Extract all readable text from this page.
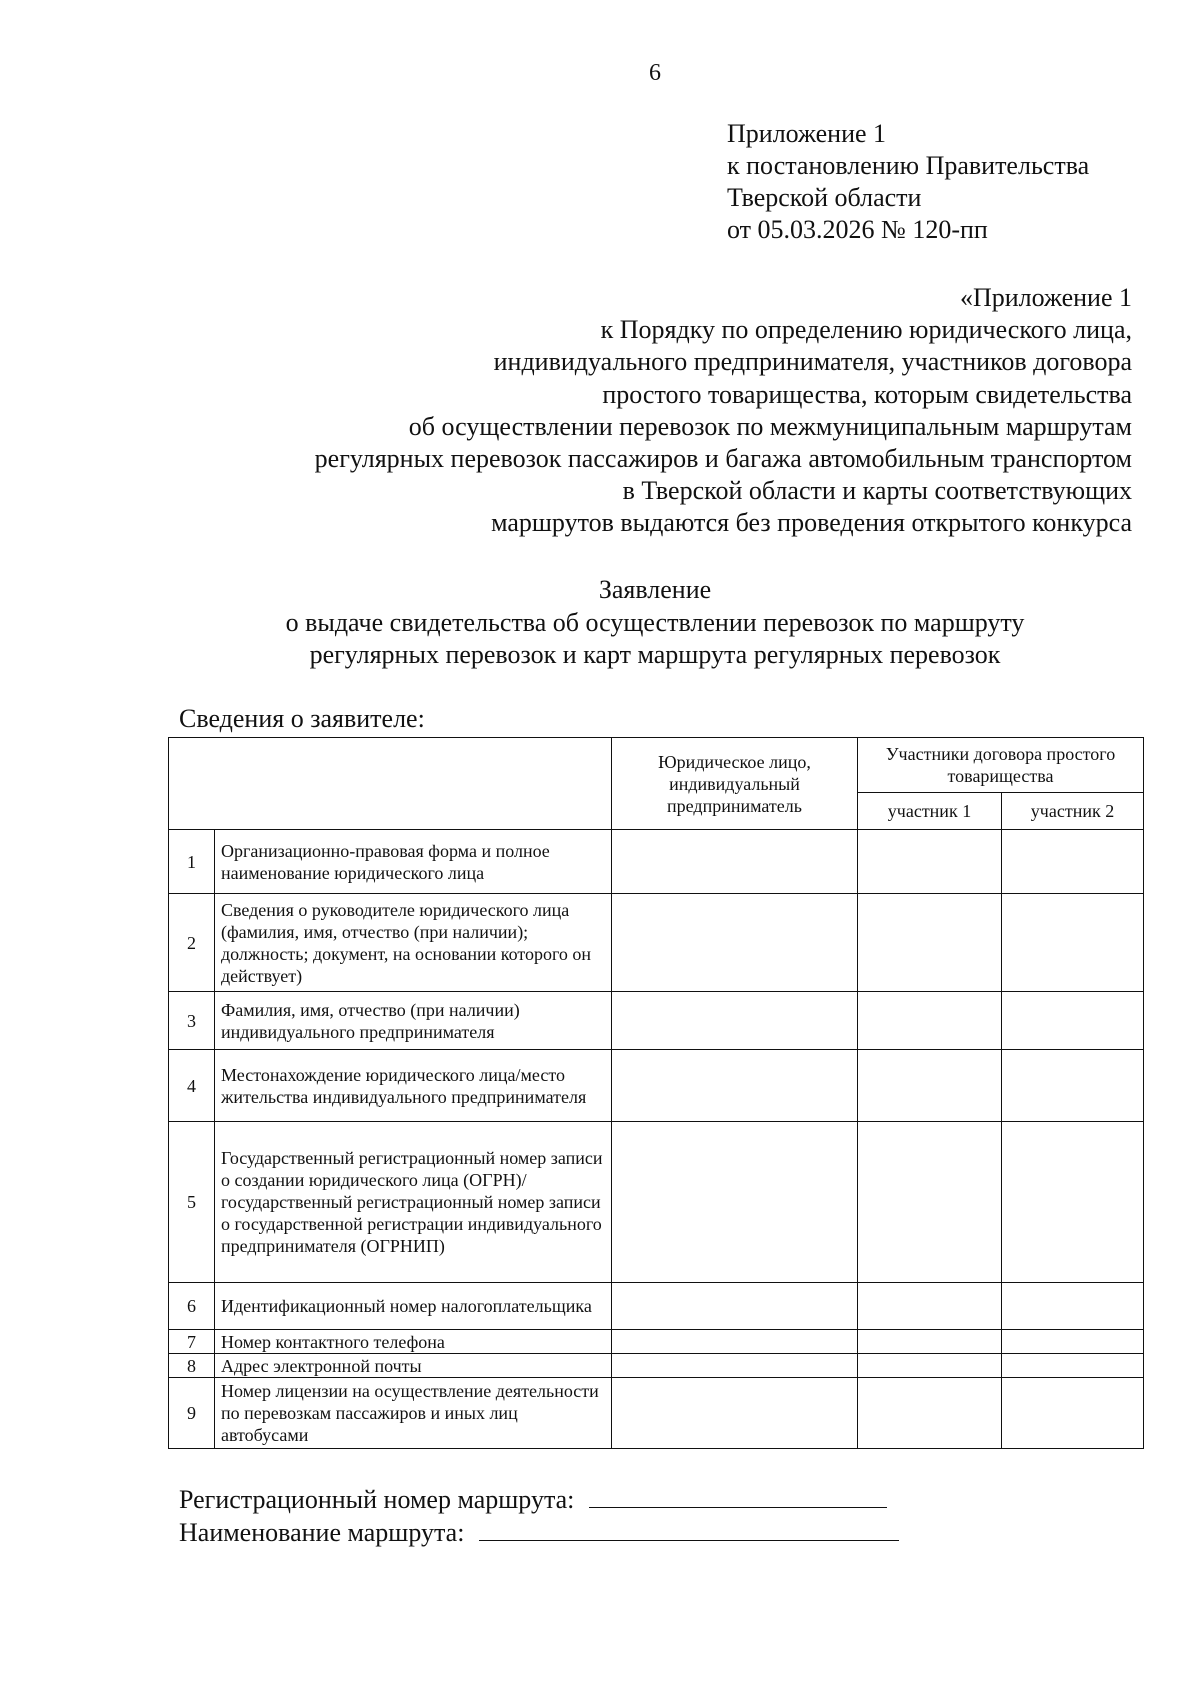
6
Приложение 1
к постановлению Правительства
Тверской области
от 05.03.2026 № 120-пп
«Приложение 1
к Порядку по определению юридического лица,
индивидуального предпринимателя, участников договора
простого товарищества, которым свидетельства
об осуществлении перевозок по межмуниципальным маршрутам
регулярных перевозок пассажиров и багажа автомобильным транспортом
в Тверской области и карты соответствующих
маршрутов выдаются без проведения открытого конкурса
Заявление
о выдаче свидетельства об осуществлении перевозок по маршруту
регулярных перевозок и карт маршрута регулярных перевозок
Сведения о заявителе:
		Юридическое лицо, индивидуальный предприниматель	Участники договора простого товарищества	
			участник 1	участник 2
1	Организационно-правовая форма и полное наименование юридического лица			
2	Сведения о руководителе юридического лица (фамилия, имя, отчество (при наличии); должность; документ, на основании которого он действует)			
3	Фамилия, имя, отчество (при наличии) индивидуального предпринимателя			
4	Местонахождение юридического лица/место жительства индивидуального предпринимателя			
5	Государственный регистрационный номер записи о создании юридического лица (ОГРН)/ государственный регистрационный номер записи о государственной регистрации индивидуального предпринимателя (ОГРНИП)			
6	Идентификационный номер налогоплательщика			
7	Номер контактного телефона			
8	Адрес электронной почты			
9	Номер лицензии на осуществление деятельности по перевозкам пассажиров и иных лиц автобусами			
Регистрационный номер маршрута:
Наименование маршрута:
